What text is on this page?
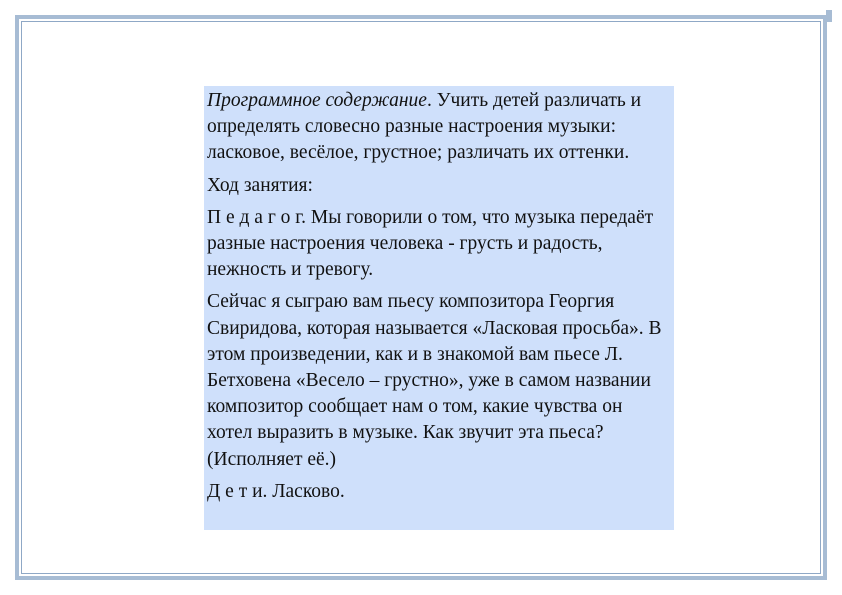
Программное содержание. Учить детей различать и определять словесно разные настроения музыки: ласковое, весёлое, грустное; различать их оттенки.

Ход занятия:

П е д а г о г. Мы говорили о том, что музыка передаёт разные настроения человека - грусть и радость, нежность и тревогу.

Сейчас я сыграю вам пьесу композитора Георгия Свиридова, которая называется «Ласковая просьба». В этом произведении, как и в знакомой вам пьесе Л. Бетховена «Весело – грустно», уже в самом названии композитор сообщает нам о том, какие чувства он хотел выразить в музыке. Как звучит эта пьеса? (Исполняет её.)

Д е т и. Ласково.
